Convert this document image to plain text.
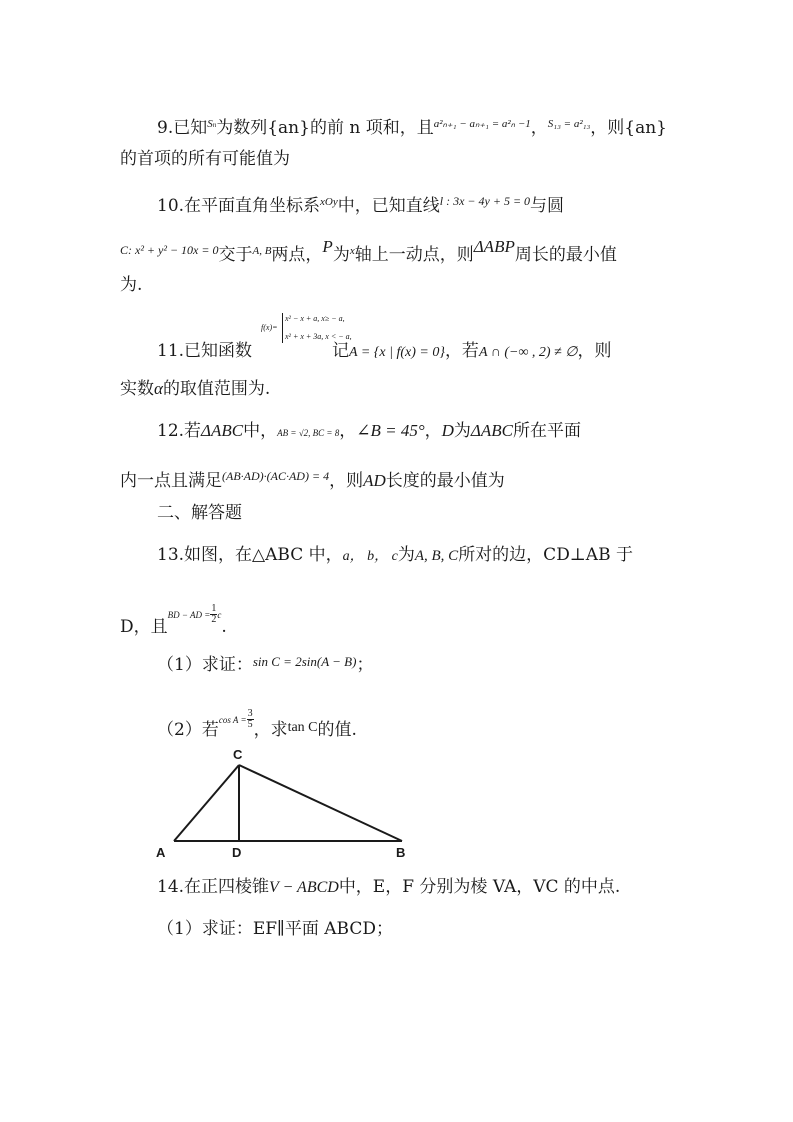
9.已知$^{Sn}$为数列{an}的前 n 项和，且$^{a^2_{n+1} - a_{n+1} = a^2_n -1}$，$^{S_{13} = a^2_{13}}$，则{an}
的首项的所有可能值为
10.在平面直角坐标系$^{xOy}$中，已知直线$^{l : 3x - 4y + 5 = 0}$与圆
$^{C: x^2 + y^2 - 10x = 0}$交于$^{A, B}$两点，P为$^x$轴上一动点，则ΔABP周长的最小值
为.
f(x)=
x² − x + a, x≥ − a,
x² + x + 3a, x < − a,
11.已知函数	记A = {x | f(x) = 0}，若A ∩ (−∞ , 2) ≠ ∅，则
实数α的取值范围为.
12.若ΔABC中，AB = √2, BC = 8，∠B = 45°，D为ΔABC所在平面
内一点且满足$^{(AB\cdot AD)\cdot(AC\cdot AD) = 4}$，则AD长度的最小值为
二、解答题
13.如图，在△ABC 中，a， b， c为A, B, C所对的边，CD⊥AB 于
D，且$^{BD - AD =} \frac{1}{2} ^c$.
（1）求证：$^{sin C = 2sin(A - B)}$；
（2）若$^{cos A =} \frac{3}{5}$ ，求$^{tan C}$的值.
C
A	D	B
14.在正四棱锥V − ABCD中，E，F 分别为棱 VA，VC 的中点.
（1）求证：EF∥平面 ABCD；
